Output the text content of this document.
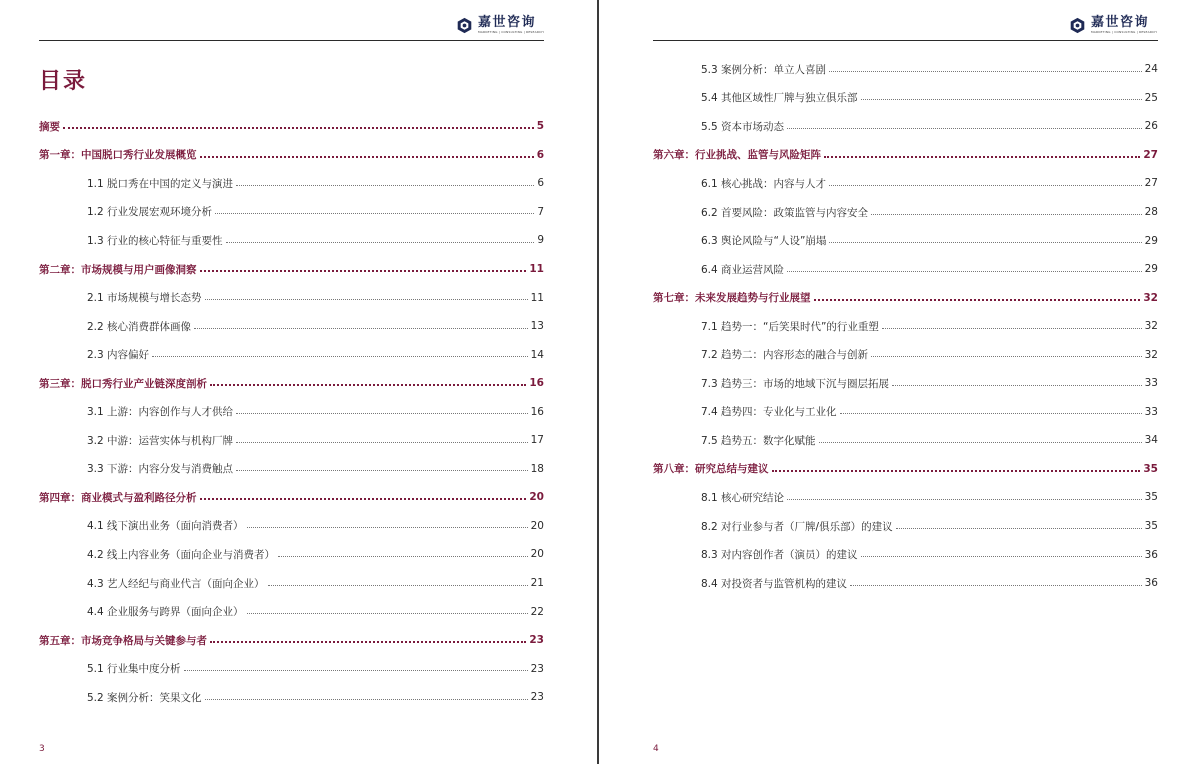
嘉世咨询
MARKETING | CONSULTING | RESEARCH
目录
摘要	5
第一章：中国脱口秀行业发展概览	6
1.1 脱口秀在中国的定义与演进	6
1.2 行业发展宏观环境分析	7
1.3 行业的核心特征与重要性	9
第二章：市场规模与用户画像洞察	11
2.1 市场规模与增长态势	11
2.2 核心消费群体画像	13
2.3 内容偏好	14
第三章：脱口秀行业产业链深度剖析	16
3.1 上游：内容创作与人才供给	16
3.2 中游：运营实体与机构厂牌	17
3.3 下游：内容分发与消费触点	18
第四章：商业模式与盈利路径分析	20
4.1 线下演出业务（面向消费者）	20
4.2 线上内容业务（面向企业与消费者）	20
4.3 艺人经纪与商业代言（面向企业）	21
4.4 企业服务与跨界（面向企业）	22
第五章：市场竞争格局与关键参与者	23
5.1 行业集中度分析	23
5.2 案例分析：笑果文化	23
3
嘉世咨询
MARKETING | CONSULTING | RESEARCH
5.3 案例分析：单立人喜剧	24
5.4 其他区域性厂牌与独立俱乐部	25
5.5 资本市场动态	26
第六章：行业挑战、监管与风险矩阵	27
6.1 核心挑战：内容与人才	27
6.2 首要风险：政策监管与内容安全	28
6.3 舆论风险与“人设”崩塌	29
6.4 商业运营风险	29
第七章：未来发展趋势与行业展望	32
7.1 趋势一：“后笑果时代”的行业重塑	32
7.2 趋势二：内容形态的融合与创新	32
7.3 趋势三：市场的地域下沉与圈层拓展	33
7.4 趋势四：专业化与工业化	33
7.5 趋势五：数字化赋能	34
第八章：研究总结与建议	35
8.1 核心研究结论	35
8.2 对行业参与者（厂牌/俱乐部）的建议	35
8.3 对内容创作者（演员）的建议	36
8.4 对投资者与监管机构的建议	36
4
